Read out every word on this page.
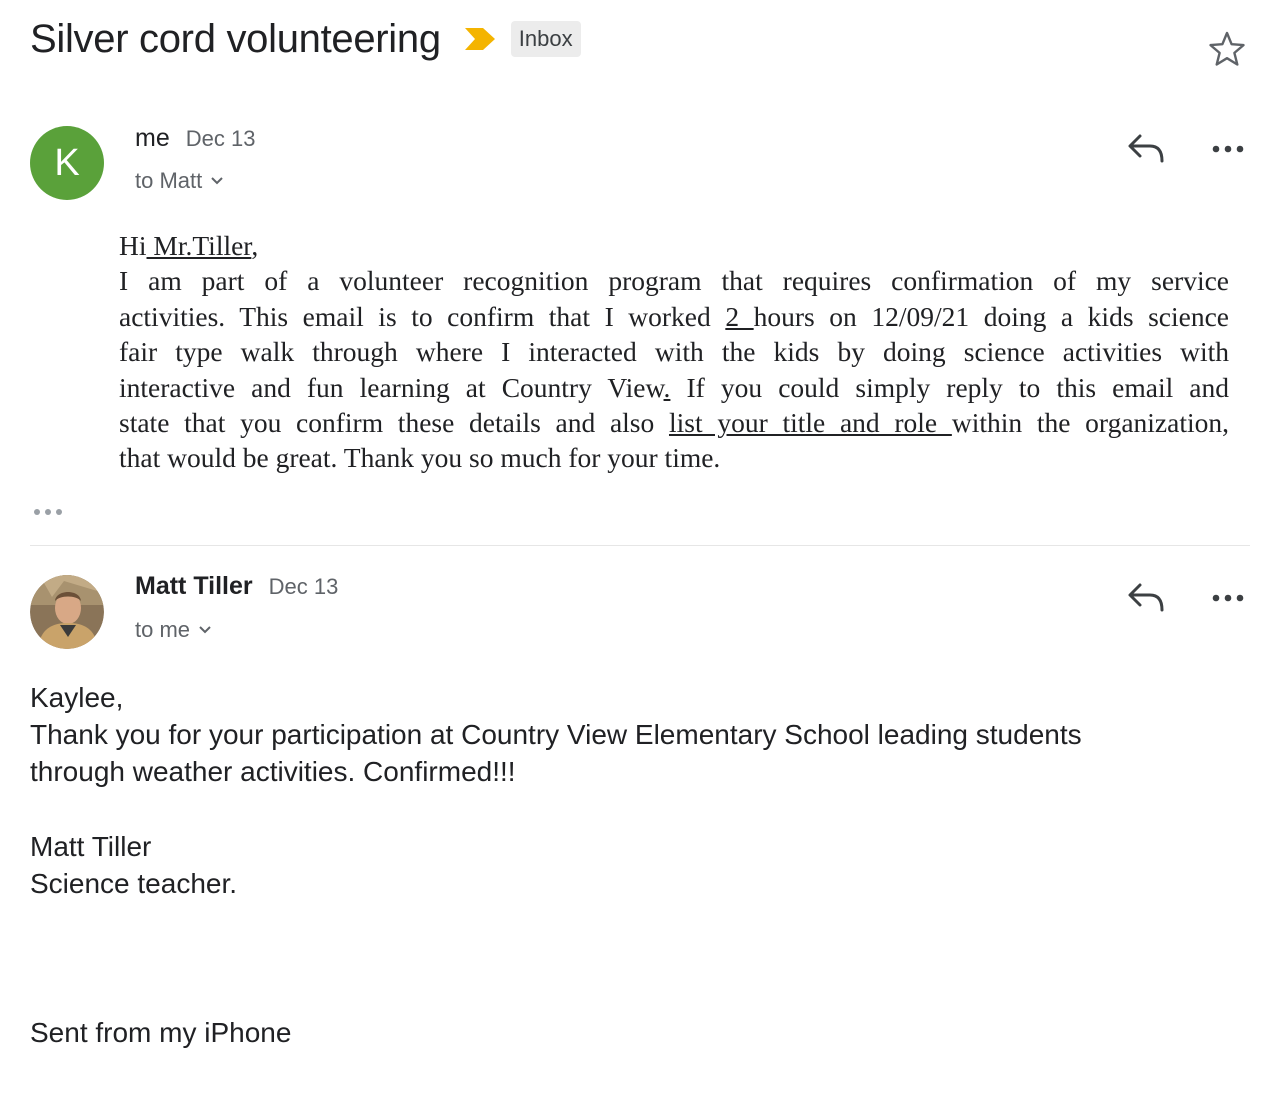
Silver cord volunteering	Inbox
K
me Dec 13
to Matt
Hi Mr.Tiller,
I am part of a volunteer recognition program that requires confirmation of my service
activities. This email is to confirm that I worked 2 hours on 12/09/21 doing a kids science
fair type walk through where I interacted with the kids by doing science activities with
interactive and fun learning at Country View. If you could simply reply to this email and
state that you confirm these details and also list your title and role within the organization,
that would be great. Thank you so much for your time.
Matt Tiller Dec 13
to me
Kaylee,
Thank you for your participation at Country View Elementary School leading students
through weather activities. Confirmed!!!
Matt Tiller
Science teacher.
Sent from my iPhone
